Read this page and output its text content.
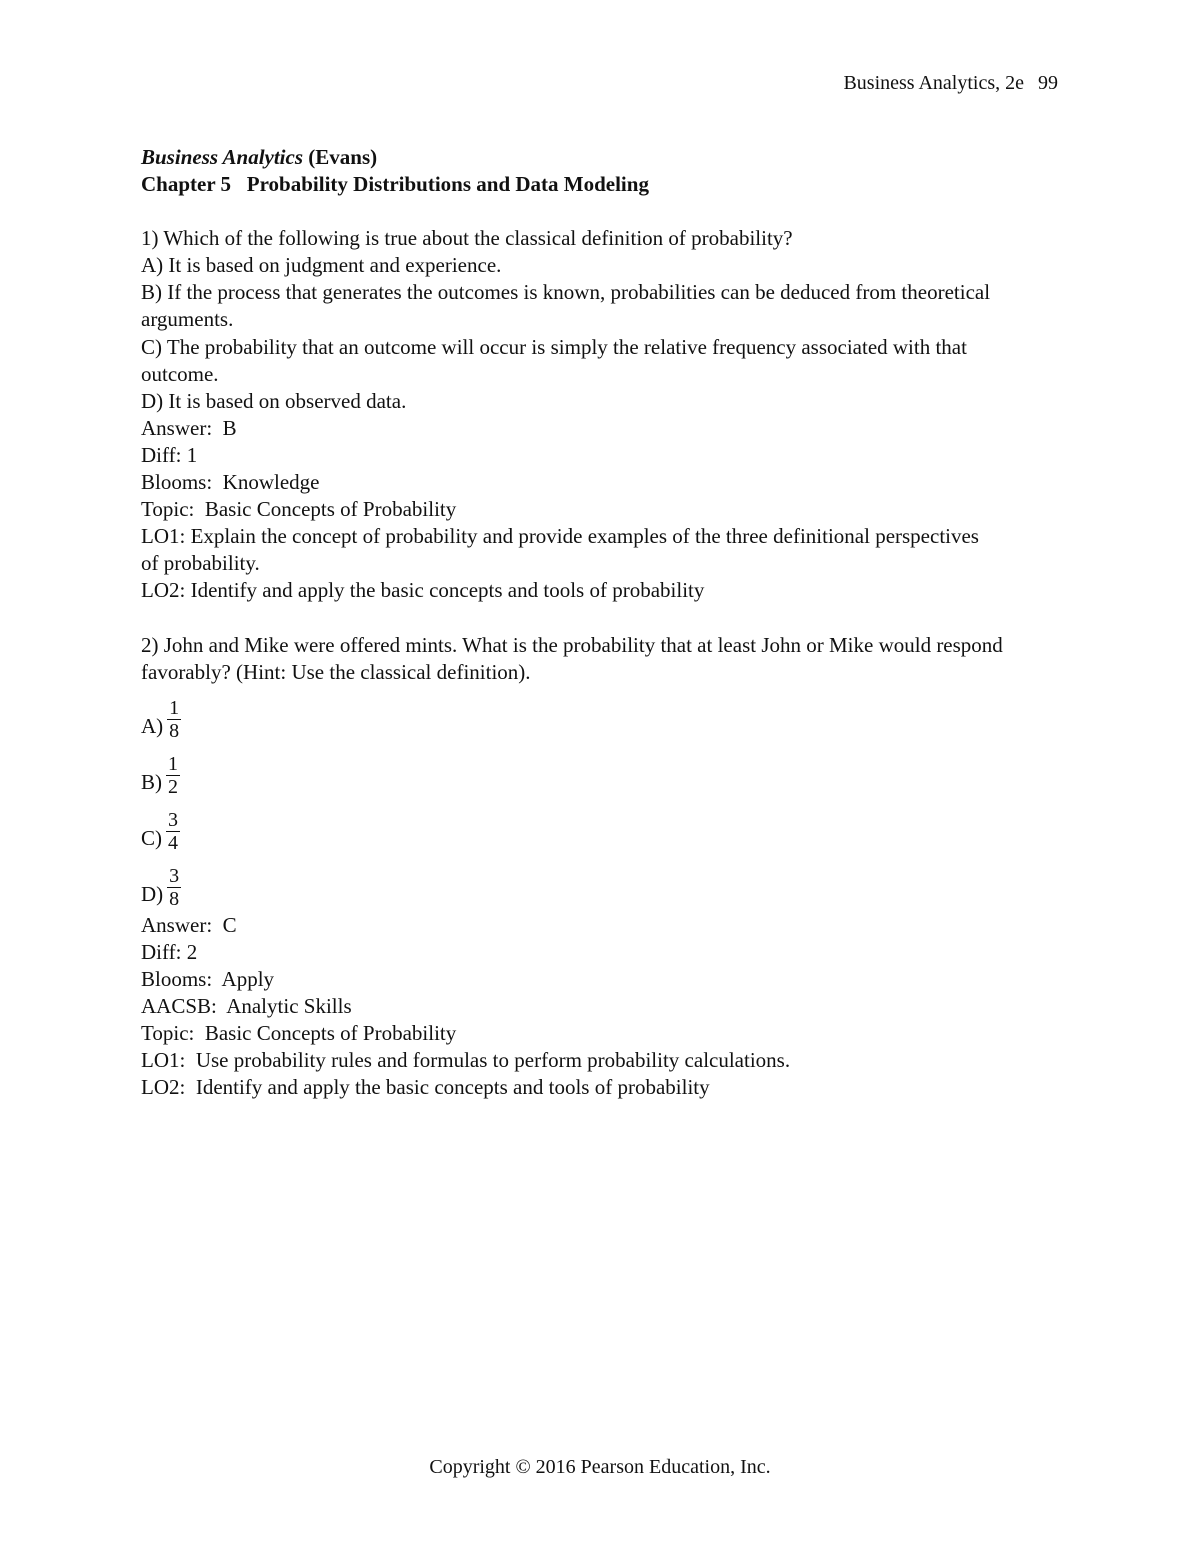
Business Analytics, 2e 99
Business Analytics (Evans)
Chapter 5   Probability Distributions and Data Modeling
1) Which of the following is true about the classical definition of probability?
A) It is based on judgment and experience.
B) If the process that generates the outcomes is known, probabilities can be deduced from theoretical arguments.
C) The probability that an outcome will occur is simply the relative frequency associated with that outcome.
D) It is based on observed data.
Answer:  B
Diff: 1
Blooms:  Knowledge
Topic:  Basic Concepts of Probability
LO1: Explain the concept of probability and provide examples of the three definitional perspectives of probability.
LO2: Identify and apply the basic concepts and tools of probability
2) John and Mike were offered mints. What is the probability that at least John or Mike would respond favorably? (Hint: Use the classical definition).
$A) \frac{1}{8}$
$B) \frac{1}{2}$
$C) \frac{3}{4}$
$D) \frac{3}{8}$
Answer:  C
Diff: 2
Blooms:  Apply
AACSB:  Analytic Skills
Topic:  Basic Concepts of Probability
LO1:  Use probability rules and formulas to perform probability calculations.
LO2:  Identify and apply the basic concepts and tools of probability
Copyright © 2016 Pearson Education, Inc.
